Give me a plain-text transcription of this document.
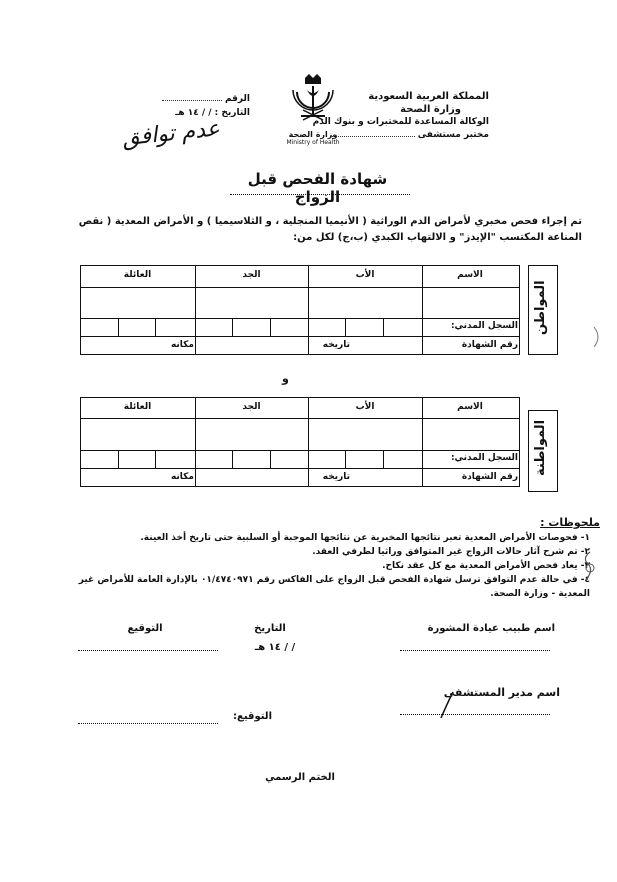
المملكة العربية السعودية
وزارة الصحة
الوكالة المساعدة للمختبرات و بنوك الدم
مختبر مستشفى
وزارة الصحة
Ministry of Health
الرقم
التاريخ : / / ١٤ هـ
عدم توافق
شهادة الفحص قبل الزواج
تم إجراء فحص مخبري لأمراض الدم الوراثية ( الأنيميا المنجلية ، و الثلاسيميا ) و الأمراض المعدية ( نقص المناعة المكتسب "الإيدز" و الالتهاب الكبدي (ب،ج) لكل من:
الاسم
الأب
الجد
العائلة
السجل المدني:
رقم الشهادة
تاريخه
مكانه
المواطن
و
الاسم
الأب
الجد
العائلة
السجل المدني:
رقم الشهادة
تاريخه
مكانه
المواطنة
ملحوظات :
١- فحوصات الأمراض المعدية تعبر نتائجها المخبرية عن نتائجها الموجبة أو السلبية حتى تاريخ أخذ العينة.
٢- تم شرح آثار حالات الزواج غير المتوافق وراثيا لطرفي العقد.
٣- يعاد فحص الأمراض المعدية مع كل عقد نكاح.
٤- في حالة عدم التوافق ترسل شهادة الفحص قبل الزواج على الفاكس رقم ٠١/٤٧٤٠٩٧١ بالإدارة العامة للأمراض غير المعدية - وزارة الصحة.
اسم طبيب عيادة المشورة
التاريخ
التوقيع
/ / ١٤ هـ
اسم مدير المستشفى
التوقيع:
الختم الرسمي
